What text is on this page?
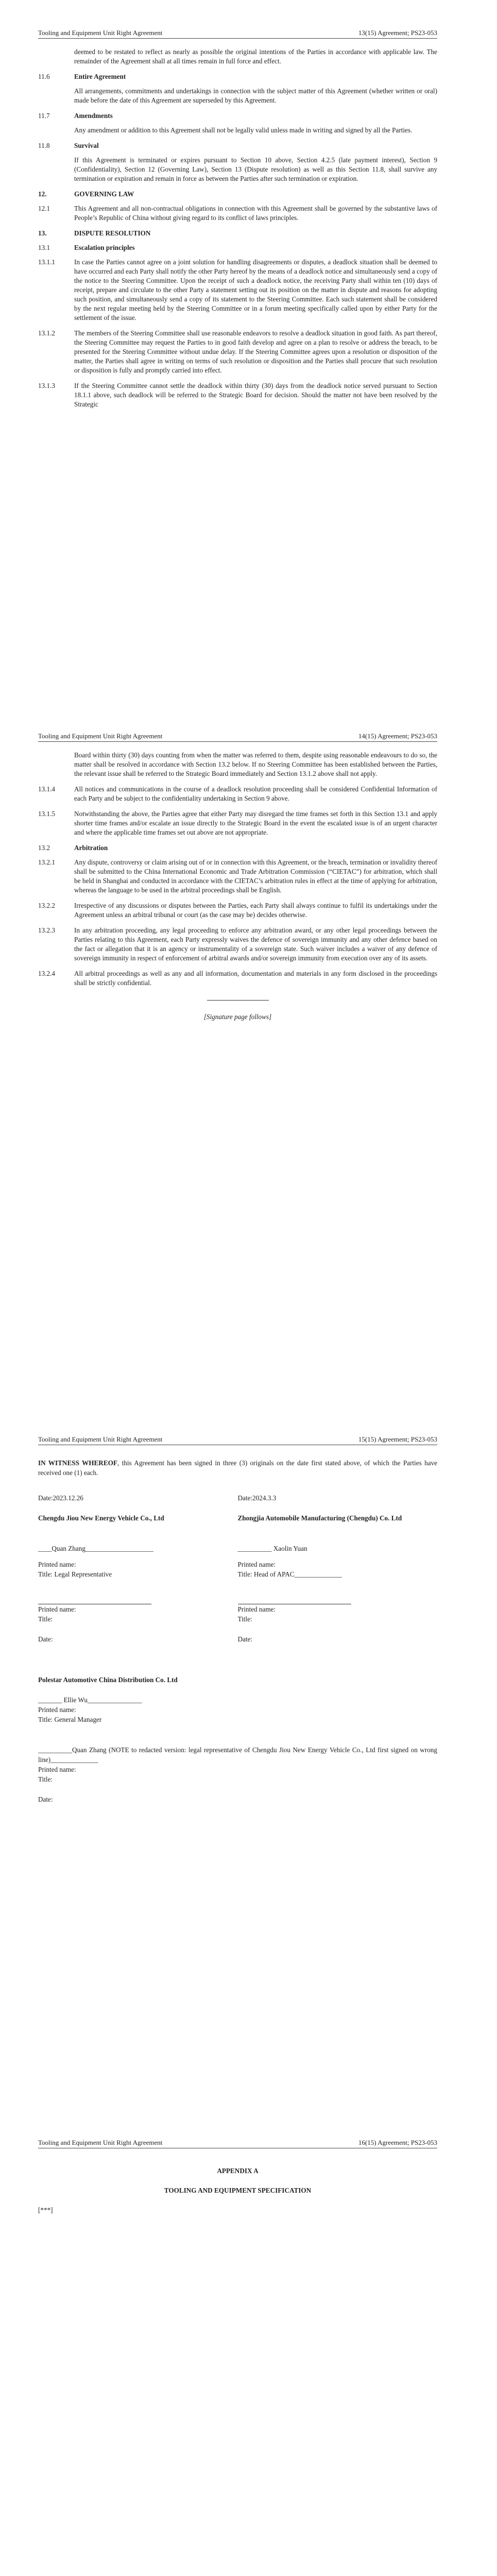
Tooling and Equipment Unit Right Agreement	13(15) Agreement; PS23-053
deemed to be restated to reflect as nearly as possible the original intentions of the Parties in accordance with applicable law. The remainder of the Agreement shall at all times remain in full force and effect.
11.6	Entire Agreement
All arrangements, commitments and undertakings in connection with the subject matter of this Agreement (whether written or oral) made before the date of this Agreement are superseded by this Agreement.
11.7	Amendments
Any amendment or addition to this Agreement shall not be legally valid unless made in writing and signed by all the Parties.
11.8	Survival
If this Agreement is terminated or expires pursuant to Section 10 above, Section 4.2.5 (late payment interest), Section 9 (Confidentiality), Section 12 (Governing Law), Section 13 (Dispute resolution) as well as this Section 11.8, shall survive any termination or expiration and remain in force as between the Parties after such termination or expiration.
12.	GOVERNING LAW
12.1	This Agreement and all non-contractual obligations in connection with this Agreement shall be governed by the substantive laws of People’s Republic of China without giving regard to its conflict of laws principles.
13.	DISPUTE RESOLUTION
13.1	Escalation principles
13.1.1	In case the Parties cannot agree on a joint solution for handling disagreements or disputes, a deadlock situation shall be deemed to have occurred and each Party shall notify the other Party hereof by the means of a deadlock notice and simultaneously send a copy of the notice to the Steering Committee. Upon the receipt of such a deadlock notice, the receiving Party shall within ten (10) days of receipt, prepare and circulate to the other Party a statement setting out its position on the matter in dispute and reasons for adopting such position, and simultaneously send a copy of its statement to the Steering Committee. Each such statement shall be considered by the next regular meeting held by the Steering Committee or in a forum meeting specifically called upon by either Party for the settlement of the issue.
13.1.2	The members of the Steering Committee shall use reasonable endeavors to resolve a deadlock situation in good faith. As part thereof, the Steering Committee may request the Parties to in good faith develop and agree on a plan to resolve or address the breach, to be presented for the Steering Committee without undue delay. If the Steering Committee agrees upon a resolution or disposition of the matter, the Parties shall agree in writing on terms of such resolution or disposition and the Parties shall procure that such resolution or disposition is fully and promptly carried into effect.
13.1.3	If the Steering Committee cannot settle the deadlock within thirty (30) days from the deadlock notice served pursuant to Section 18.1.1 above, such deadlock will be referred to the Strategic Board for decision. Should the matter not have been resolved by the Strategic
Tooling and Equipment Unit Right Agreement	14(15) Agreement; PS23-053
Board within thirty (30) days counting from when the matter was referred to them, despite using reasonable endeavours to do so, the matter shall be resolved in accordance with Section 13.2 below. If no Steering Committee has been established between the Parties, the relevant issue shall be referred to the Strategic Board immediately and Section 13.1.2 above shall not apply.
13.1.4	All notices and communications in the course of a deadlock resolution proceeding shall be considered Confidential Information of each Party and be subject to the confidentiality undertaking in Section 9 above.
13.1.5	Notwithstanding the above, the Parties agree that either Party may disregard the time frames set forth in this Section 13.1 and apply shorter time frames and/or escalate an issue directly to the Strategic Board in the event the escalated issue is of an urgent character and where the applicable time frames set out above are not appropriate.
13.2	Arbitration
13.2.1	Any dispute, controversy or claim arising out of or in connection with this Agreement, or the breach, termination or invalidity thereof shall be submitted to the China International Economic and Trade Arbitration Commission (“CIETAC”) for arbitration, which shall be held in Shanghai and conducted in accordance with the CIETAC’s arbitration rules in effect at the time of applying for arbitration, whereas the language to be used in the arbitral proceedings shall be English.
13.2.2	Irrespective of any discussions or disputes between the Parties, each Party shall always continue to fulfil its undertakings under the Agreement unless an arbitral tribunal or court (as the case may be) decides otherwise.
13.2.3	In any arbitration proceeding, any legal proceeding to enforce any arbitration award, or any other legal proceedings between the Parties relating to this Agreement, each Party expressly waives the defence of sovereign immunity and any other defence based on the fact or allegation that it is an agency or instrumentality of a sovereign state. Such waiver includes a waiver of any defence of sovereign immunity in respect of enforcement of arbitral awards and/or sovereign immunity from execution over any of its assets.
13.2.4	All arbitral proceedings as well as any and all information, documentation and materials in any form disclosed in the proceedings shall be strictly confidential.
[Signature page follows]
Tooling and Equipment Unit Right Agreement	15(15) Agreement; PS23-053
IN WITNESS WHEREOF, this Agreement has been signed in three (3) originals on the date first stated above, of which the Parties have received one (1) each.
Date:2023.12.26	Date:2024.3.3
Chengdu Jiou New Energy Vehicle Co., Ltd	Zhongjia Automobile Manufacturing (Chengdu) Co. Ltd
____Quan Zhang____________________	__________ Xaolin Yuan
Printed name:	Printed name:
Title: Legal Representative	Title: Head of APAC______________
Printed name:	Printed name:
Title:	Title:
Date:	Date:
Polestar Automotive China Distribution Co. Ltd
_______ Ellie Wu________________
Printed name:
Title: General Manager
__________Quan Zhang (NOTE to redacted version: legal representative of Chengdu Jiou New Energy Vehicle Co., Ltd first signed on wrong line)______________
Printed name:
Title:
Date:
Tooling and Equipment Unit Right Agreement	16(15) Agreement; PS23-053
APPENDIX A
TOOLING AND EQUIPMENT SPECIFICATION
[***]
